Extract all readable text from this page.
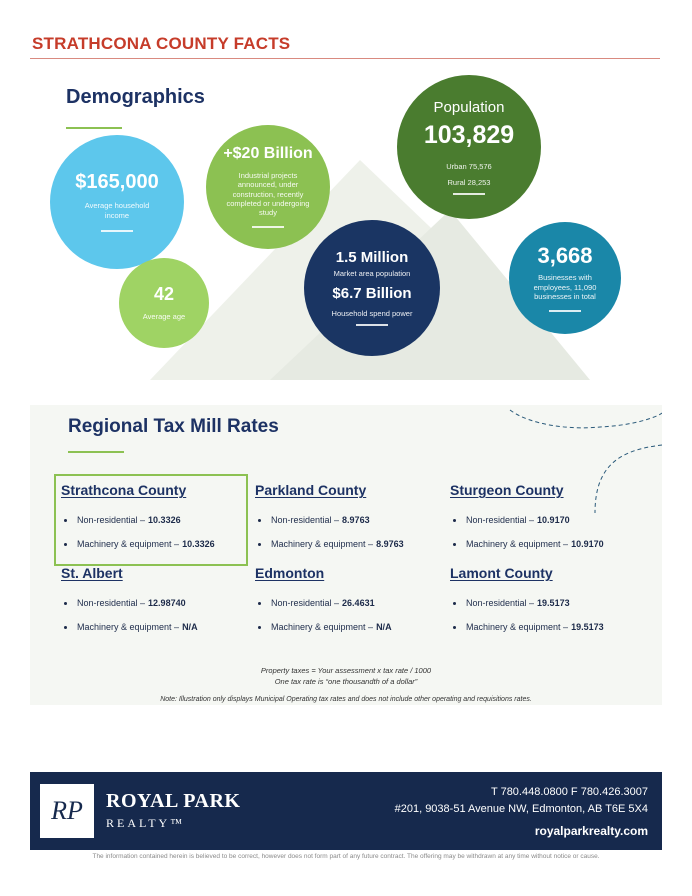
STRATHCONA COUNTY FACTS
Demographics
$165,000
Average household income
+$20 Billion
Industrial projects announced, under construction, recently completed or undergoing study
42
Average age
Population
103,829
Urban 75,576
Rural 28,253
1.5 Million
Market area population
$6.7 Billion
Household spend power
3,668
Businesses with employees, 11,090 businesses in total
Regional Tax Mill Rates
Strathcona County
Non-residential – 10.3326
Machinery & equipment – 10.3326
Parkland County
Non-residential – 8.9763
Machinery & equipment – 8.9763
Sturgeon County
Non-residential – 10.9170
Machinery & equipment – 10.9170
St. Albert
Non-residential – 12.98740
Machinery & equipment – N/A
Edmonton
Non-residential – 26.4631
Machinery & equipment – N/A
Lamont County
Non-residential – 19.5173
Machinery & equipment – 19.5173
Property taxes = Your assessment x tax rate / 1000
One tax rate is “one thousandth of a dollar”
Note: Illustration only displays Municipal Operating tax rates and does not include other operating and requisitions rates.
RP	ROYAL PARK
REALTY™
T 780.448.0800 F 780.426.3007
#201, 9038-51 Avenue NW, Edmonton, AB T6E 5X4
royalparkrealty.com
The information contained herein is believed to be correct, however does not form part of any future contract. The offering may be withdrawn at any time without notice or cause.
